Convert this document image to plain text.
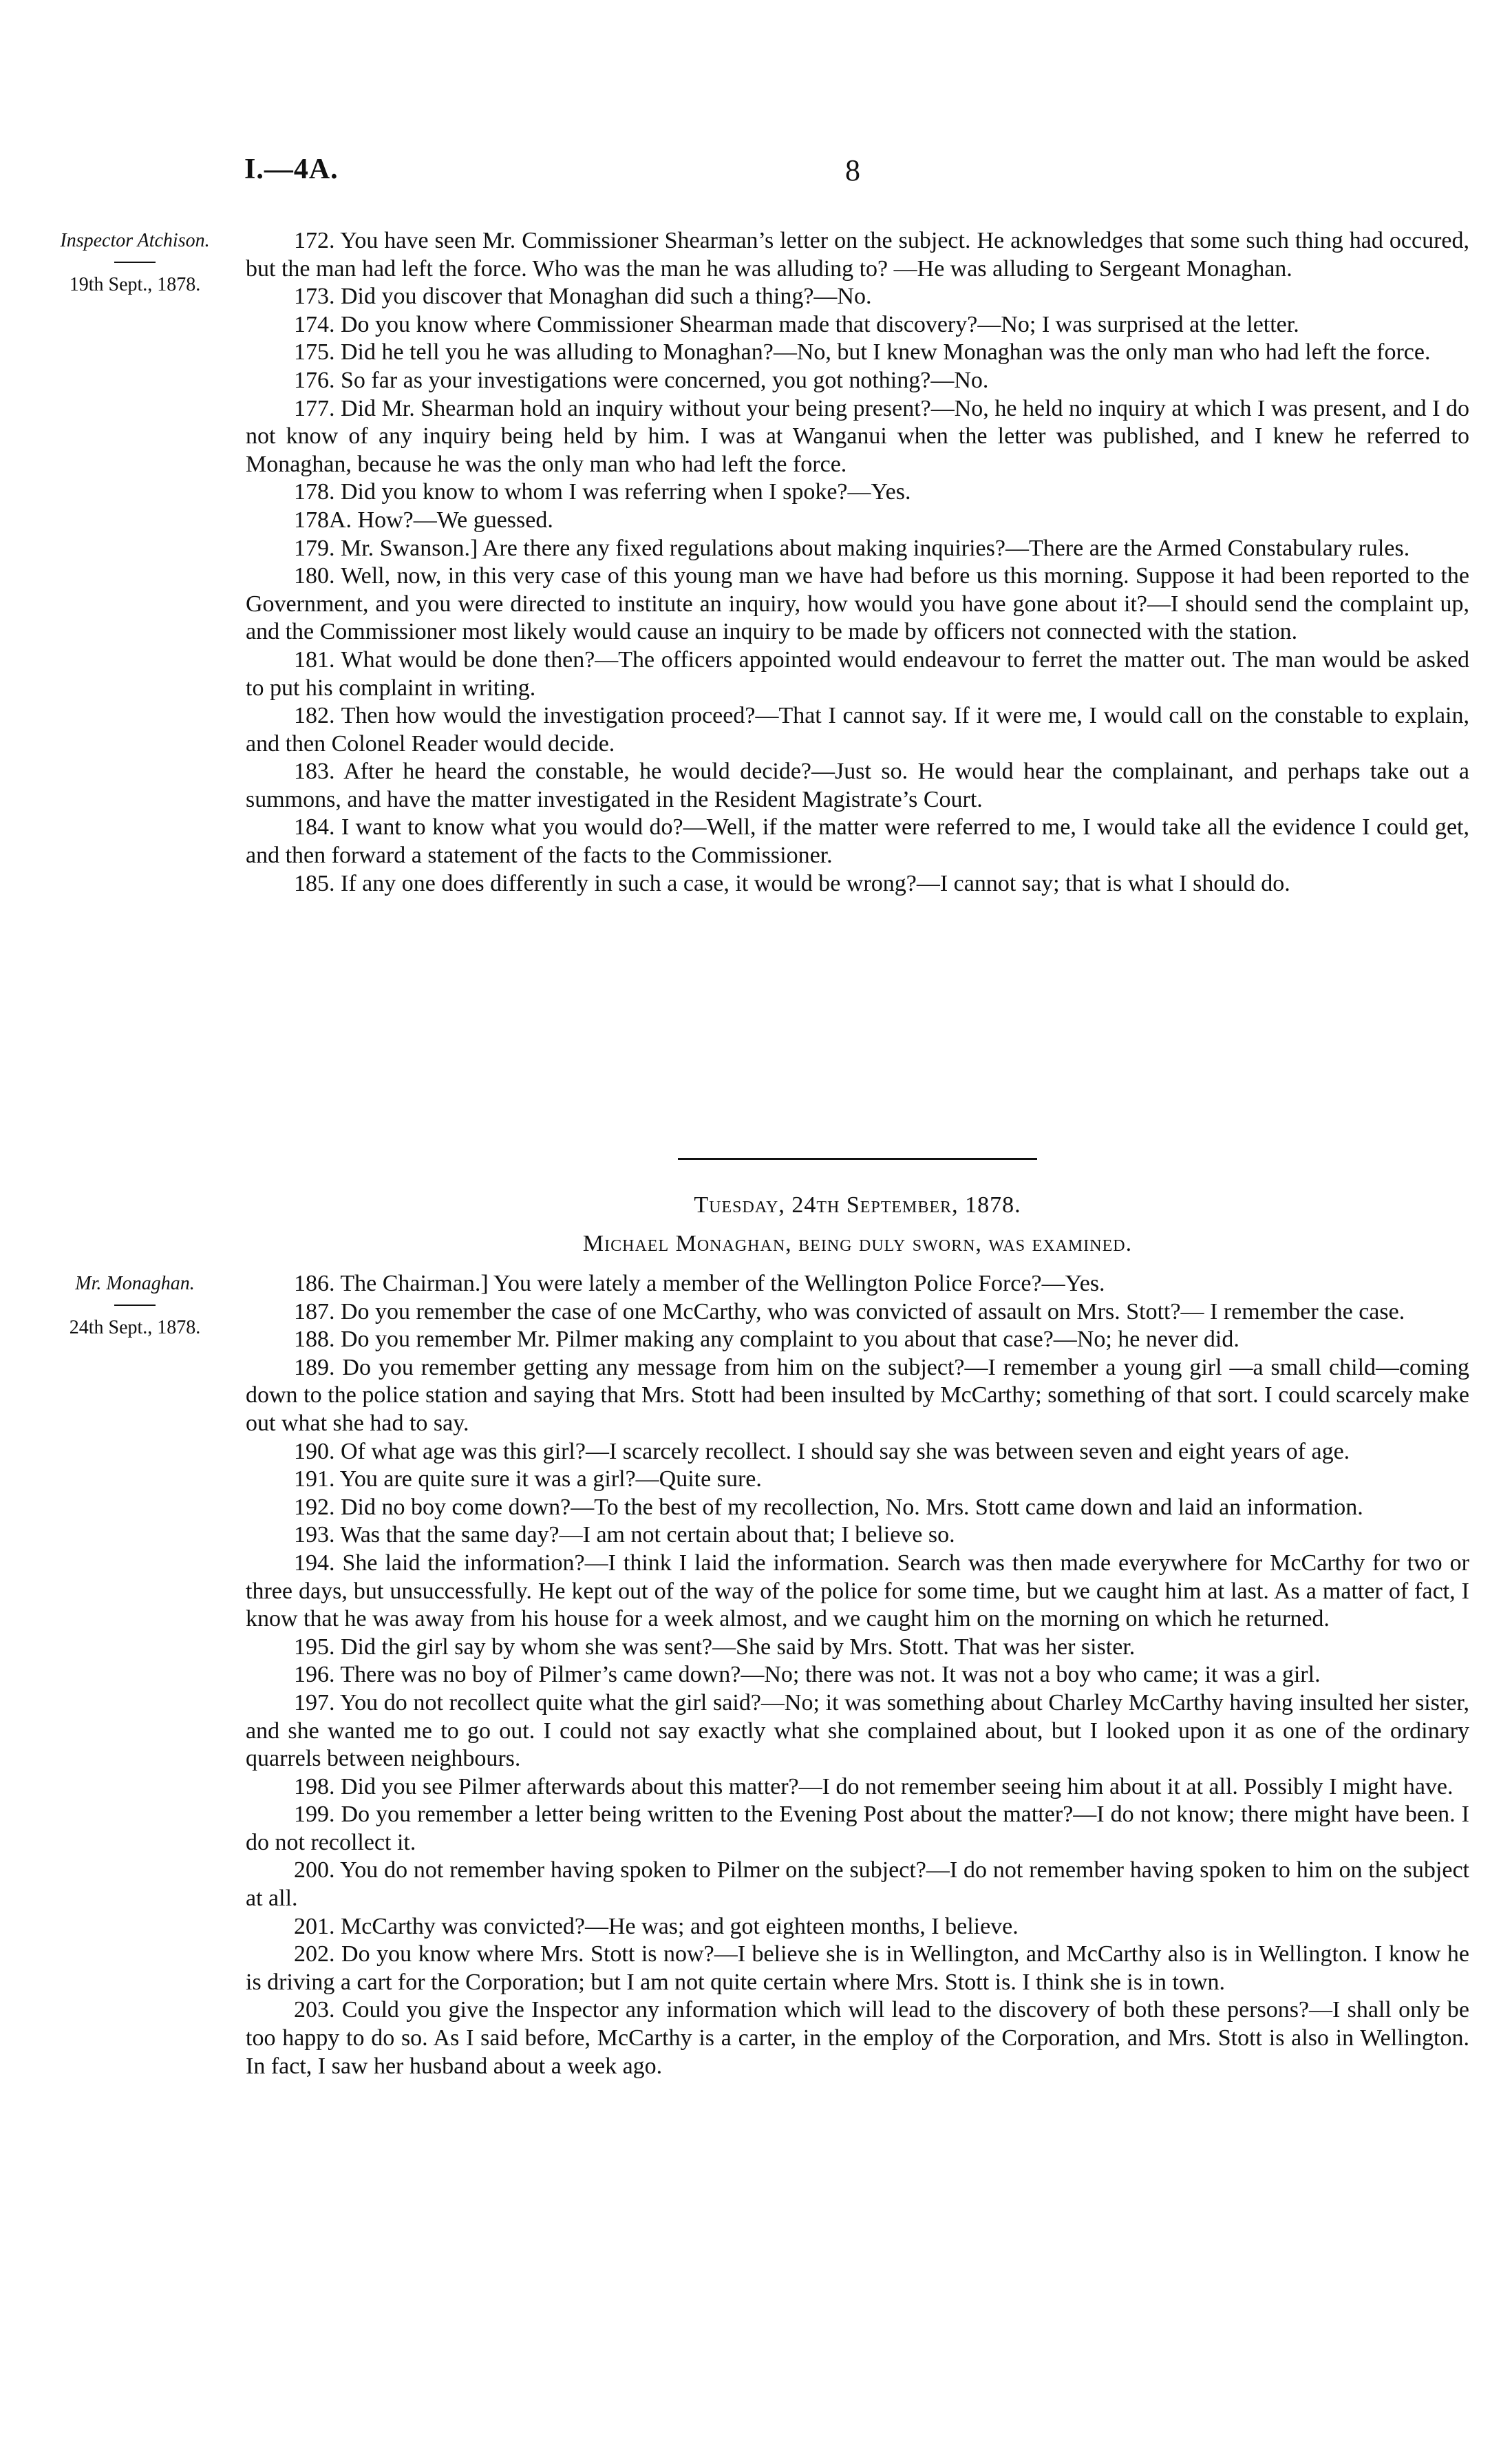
I.—4A.	8
Inspector Atchison.
19th Sept., 1878.

172. You have seen Mr. Commissioner Shearman’s letter on the subject. He acknowledges that some such thing had occured, but the man had left the force. Who was the man he was alluding to? —He was alluding to Sergeant Monaghan.

173. Did you discover that Monaghan did such a thing?—No.

174. Do you know where Commissioner Shearman made that discovery?—No; I was surprised at the letter.

175. Did he tell you he was alluding to Monaghan?—No, but I knew Monaghan was the only man who had left the force.

176. So far as your investigations were concerned, you got nothing?—No.

177. Did Mr. Shearman hold an inquiry without your being present?—No, he held no inquiry at which I was present, and I do not know of any inquiry being held by him. I was at Wanganui when the letter was published, and I knew he referred to Monaghan, because he was the only man who had left the force.

178. Did you know to whom I was referring when I spoke?—Yes.

178A. How?—We guessed.

179. Mr. Swanson.] Are there any fixed regulations about making inquiries?—There are the Armed Constabulary rules.

180. Well, now, in this very case of this young man we have had before us this morning. Suppose it had been reported to the Government, and you were directed to institute an inquiry, how would you have gone about it?—I should send the complaint up, and the Commissioner most likely would cause an inquiry to be made by officers not connected with the station.

181. What would be done then?—The officers appointed would endeavour to ferret the matter out. The man would be asked to put his complaint in writing.

182. Then how would the investigation proceed?—That I cannot say. If it were me, I would call on the constable to explain, and then Colonel Reader would decide.

183. After he heard the constable, he would decide?—Just so. He would hear the complainant, and perhaps take out a summons, and have the matter investigated in the Resident Magistrate’s Court.

184. I want to know what you would do?—Well, if the matter were referred to me, I would take all the evidence I could get, and then forward a statement of the facts to the Commissioner.

185. If any one does differently in such a case, it would be wrong?—I cannot say; that is what I should do.

Tuesday, 24th September, 1878.
Michael Monaghan, being duly sworn, was examined.
Mr. Monaghan.
24th Sept., 1878.

186. The Chairman.] You were lately a member of the Wellington Police Force?—Yes.

187. Do you remember the case of one McCarthy, who was convicted of assault on Mrs. Stott?— I remember the case.

188. Do you remember Mr. Pilmer making any complaint to you about that case?—No; he never did.

189. Do you remember getting any message from him on the subject?—I remember a young girl —a small child—coming down to the police station and saying that Mrs. Stott had been insulted by McCarthy; something of that sort. I could scarcely make out what she had to say.

190. Of what age was this girl?—I scarcely recollect. I should say she was between seven and eight years of age.

191. You are quite sure it was a girl?—Quite sure.

192. Did no boy come down?—To the best of my recollection, No. Mrs. Stott came down and laid an information.

193. Was that the same day?—I am not certain about that; I believe so.

194. She laid the information?—I think I laid the information. Search was then made everywhere for McCarthy for two or three days, but unsuccessfully. He kept out of the way of the police for some time, but we caught him at last. As a matter of fact, I know that he was away from his house for a week almost, and we caught him on the morning on which he returned.

195. Did the girl say by whom she was sent?—She said by Mrs. Stott. That was her sister.

196. There was no boy of Pilmer’s came down?—No; there was not. It was not a boy who came; it was a girl.

197. You do not recollect quite what the girl said?—No; it was something about Charley McCarthy having insulted her sister, and she wanted me to go out. I could not say exactly what she complained about, but I looked upon it as one of the ordinary quarrels between neighbours.

198. Did you see Pilmer afterwards about this matter?—I do not remember seeing him about it at all. Possibly I might have.

199. Do you remember a letter being written to the Evening Post about the matter?—I do not know; there might have been. I do not recollect it.

200. You do not remember having spoken to Pilmer on the subject?—I do not remember having spoken to him on the subject at all.

201. McCarthy was convicted?—He was; and got eighteen months, I believe.

202. Do you know where Mrs. Stott is now?—I believe she is in Wellington, and McCarthy also is in Wellington. I know he is driving a cart for the Corporation; but I am not quite certain where Mrs. Stott is. I think she is in town.

203. Could you give the Inspector any information which will lead to the discovery of both these persons?—I shall only be too happy to do so. As I said before, McCarthy is a carter, in the employ of the Corporation, and Mrs. Stott is also in Wellington. In fact, I saw her husband about a week ago.
